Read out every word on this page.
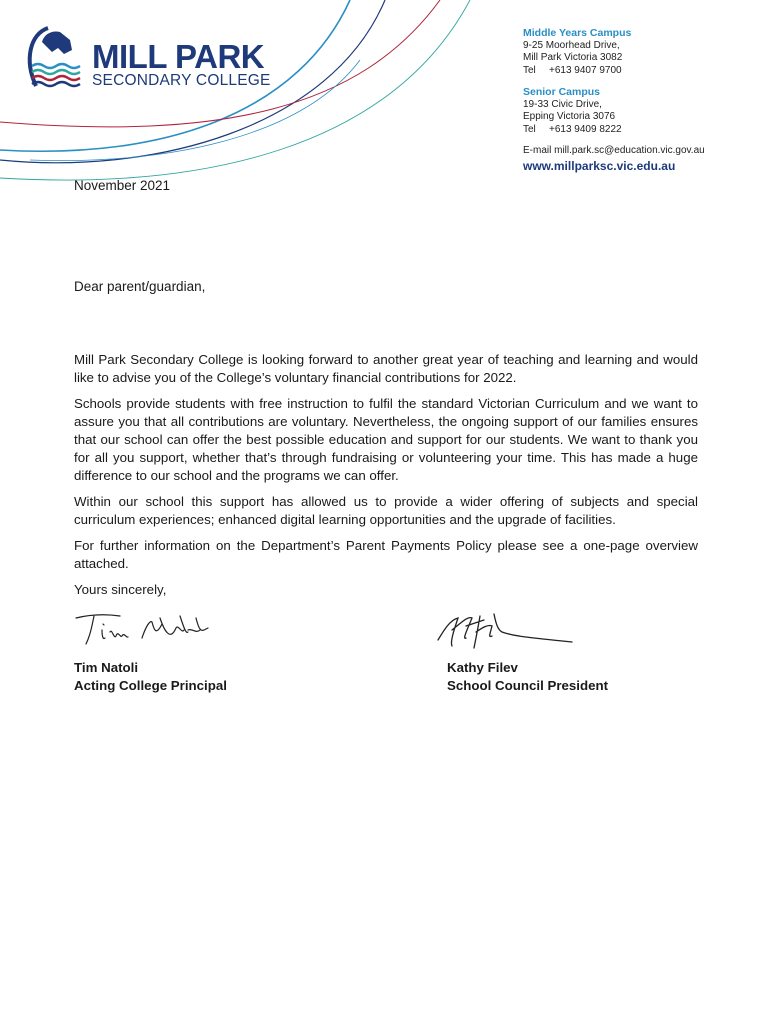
MILL PARK
SECONDARY COLLEGE
Middle Years Campus
9-25 Moorhead Drive,
Mill Park Victoria 3082
Tel +613 9407 9700
Senior Campus
19-33 Civic Drive,
Epping Victoria 3076
Tel +613 9409 8222
E-mail mill.park.sc@education.vic.gov.au
www.millparksc.vic.edu.au
November 2021
Dear parent/guardian,

Mill Park Secondary College is looking forward to another great year of teaching and learning and would like to advise you of the College’s voluntary financial contributions for 2022.

Schools provide students with free instruction to fulfil the standard Victorian Curriculum and we want to assure you that all contributions are voluntary. Nevertheless, the ongoing support of our families ensures that our school can offer the best possible education and support for our students. We want to thank you for all you support, whether that’s through fundraising or volunteering your time. This has made a huge difference to our school and the programs we can offer.

Within our school this support has allowed us to provide a wider offering of subjects and special curriculum experiences; enhanced digital learning opportunities and the upgrade of facilities.

For further information on the Department’s Parent Payments Policy please see a one-page overview attached.

Yours sincerely,

Tim Natoli
Acting College Principal
Kathy Filev
School Council President
